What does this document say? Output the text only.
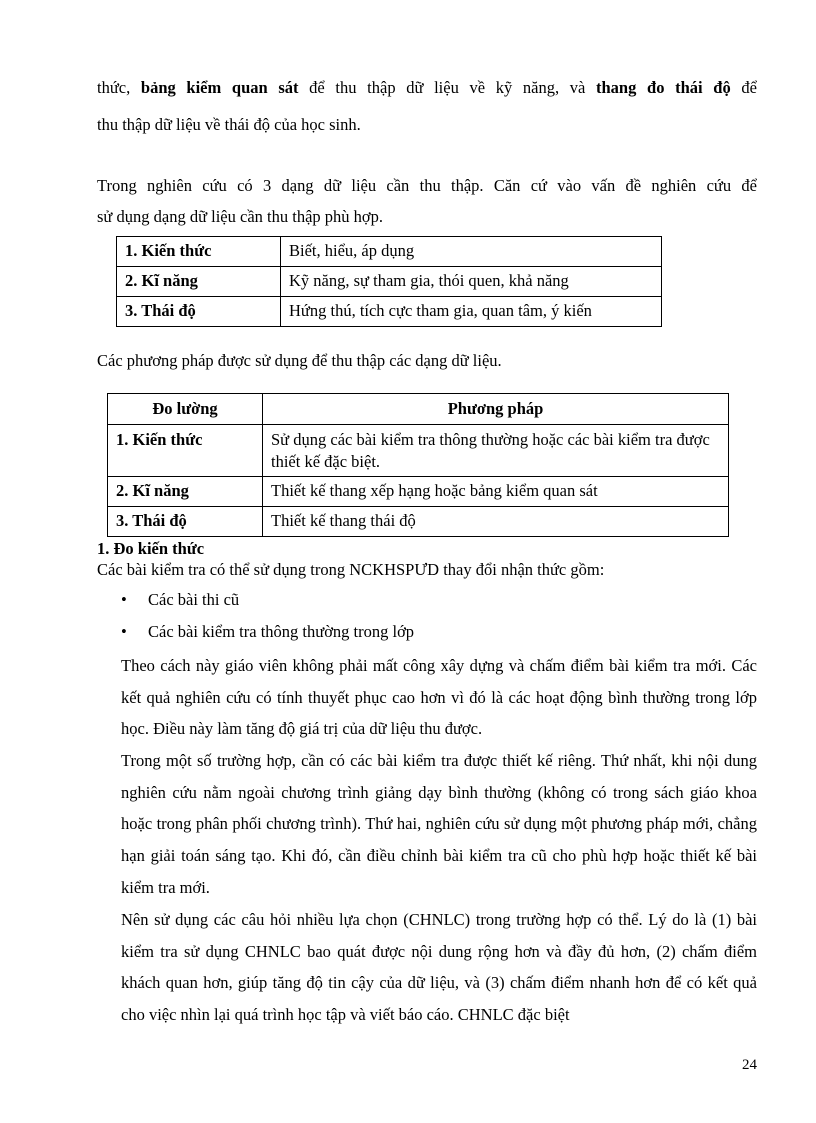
thức, bảng kiểm quan sát để thu thập dữ liệu về kỹ năng, và thang đo thái độ để
thu thập dữ liệu về thái độ của học sinh.
Trong nghiên cứu có 3 dạng dữ liệu cần thu thập. Căn cứ vào vấn đề nghiên cứu để
sử dụng dạng dữ liệu cần thu thập phù hợp.
1. Kiến thức	Biết, hiểu, áp dụng
2. Kĩ năng	Kỹ năng, sự tham gia, thói quen, khả năng
3. Thái độ	Hứng thú, tích cực tham gia, quan tâm, ý kiến
Các phương pháp được sử dụng để thu thập các dạng dữ liệu.
Đo lường	Phương pháp
1. Kiến thức	Sử dụng các bài kiểm tra thông thường hoặc các bài kiểm tra được thiết kế đặc biệt.
2. Kĩ năng	Thiết kế thang xếp hạng hoặc bảng kiểm quan sát
3. Thái độ	Thiết kế thang thái độ
1. Đo kiến thức
Các bài kiểm tra có thể sử dụng trong NCKHSPƯD thay đổi nhận thức gồm:
• Các bài thi cũ
• Các bài kiểm tra thông thường trong lớp

Theo cách này giáo viên không phải mất công xây dựng và chấm điểm bài kiểm tra mới. Các kết quả nghiên cứu có tính thuyết phục cao hơn vì đó là các hoạt động bình thường trong lớp học. Điều này làm tăng độ giá trị của dữ liệu thu được.

Trong một số trường hợp, cần có các bài kiểm tra được thiết kế riêng. Thứ nhất, khi nội dung nghiên cứu nằm ngoài chương trình giảng dạy bình thường (không có trong sách giáo khoa hoặc trong phân phối chương trình). Thứ hai, nghiên cứu sử dụng một phương pháp mới, chẳng hạn giải toán sáng tạo. Khi đó, cần điều chỉnh bài kiểm tra cũ cho phù hợp hoặc thiết kế bài kiểm tra mới.

Nên sử dụng các câu hỏi nhiều lựa chọn (CHNLC) trong trường hợp có thể. Lý do là (1) bài kiểm tra sử dụng CHNLC bao quát được nội dung rộng hơn và đầy đủ hơn, (2) chấm điểm khách quan hơn, giúp tăng độ tin cậy của dữ liệu, và (3) chấm điểm nhanh hơn để có kết quả cho việc nhìn lại quá trình học tập và viết báo cáo. CHNLC đặc biệt

24
